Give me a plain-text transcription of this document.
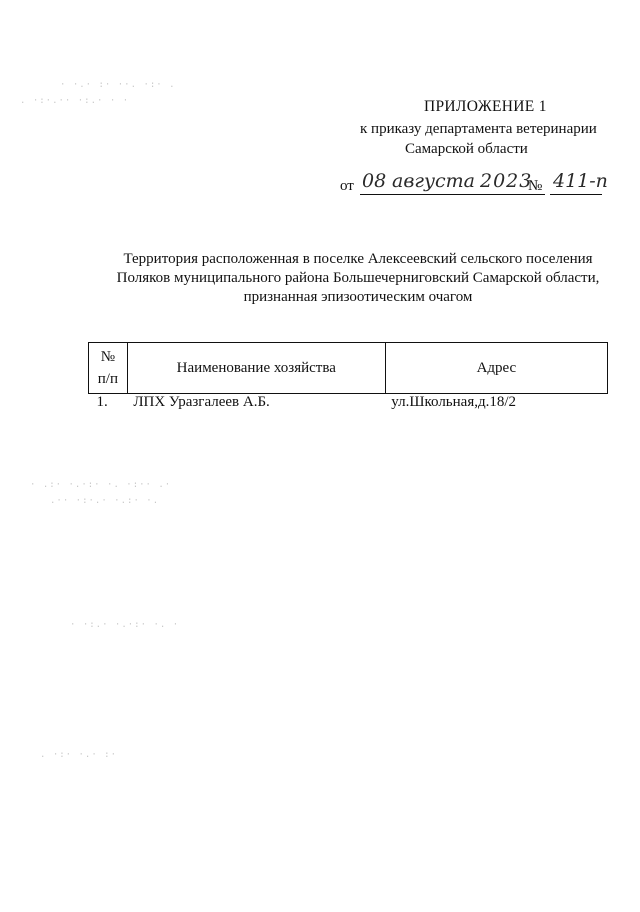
· ·.· :· ··. ·:· .
. ·:·.·· ·:.· · ·
· .:· ·.·:· ·. ·:·· .·
.·· ·:·.· ·.:· ·.
· ·:.· ·.·:· ·. ·
. ·:· ·.· :·
ПРИЛОЖЕНИЕ 1
к приказу департамента ветеринарии
Самарской области
от 08 августа 2023
№ 411-п
Территория расположенная в поселке Алексеевский сельского поселения
Поляков муниципального района Большечерниговский Самарской области,
признанная эпизоотическим очагом
№
п/п	Наименование хозяйства	Адрес
1.	ЛПХ Уразгалеев А.Б.	ул.Школьная,д.18/2
